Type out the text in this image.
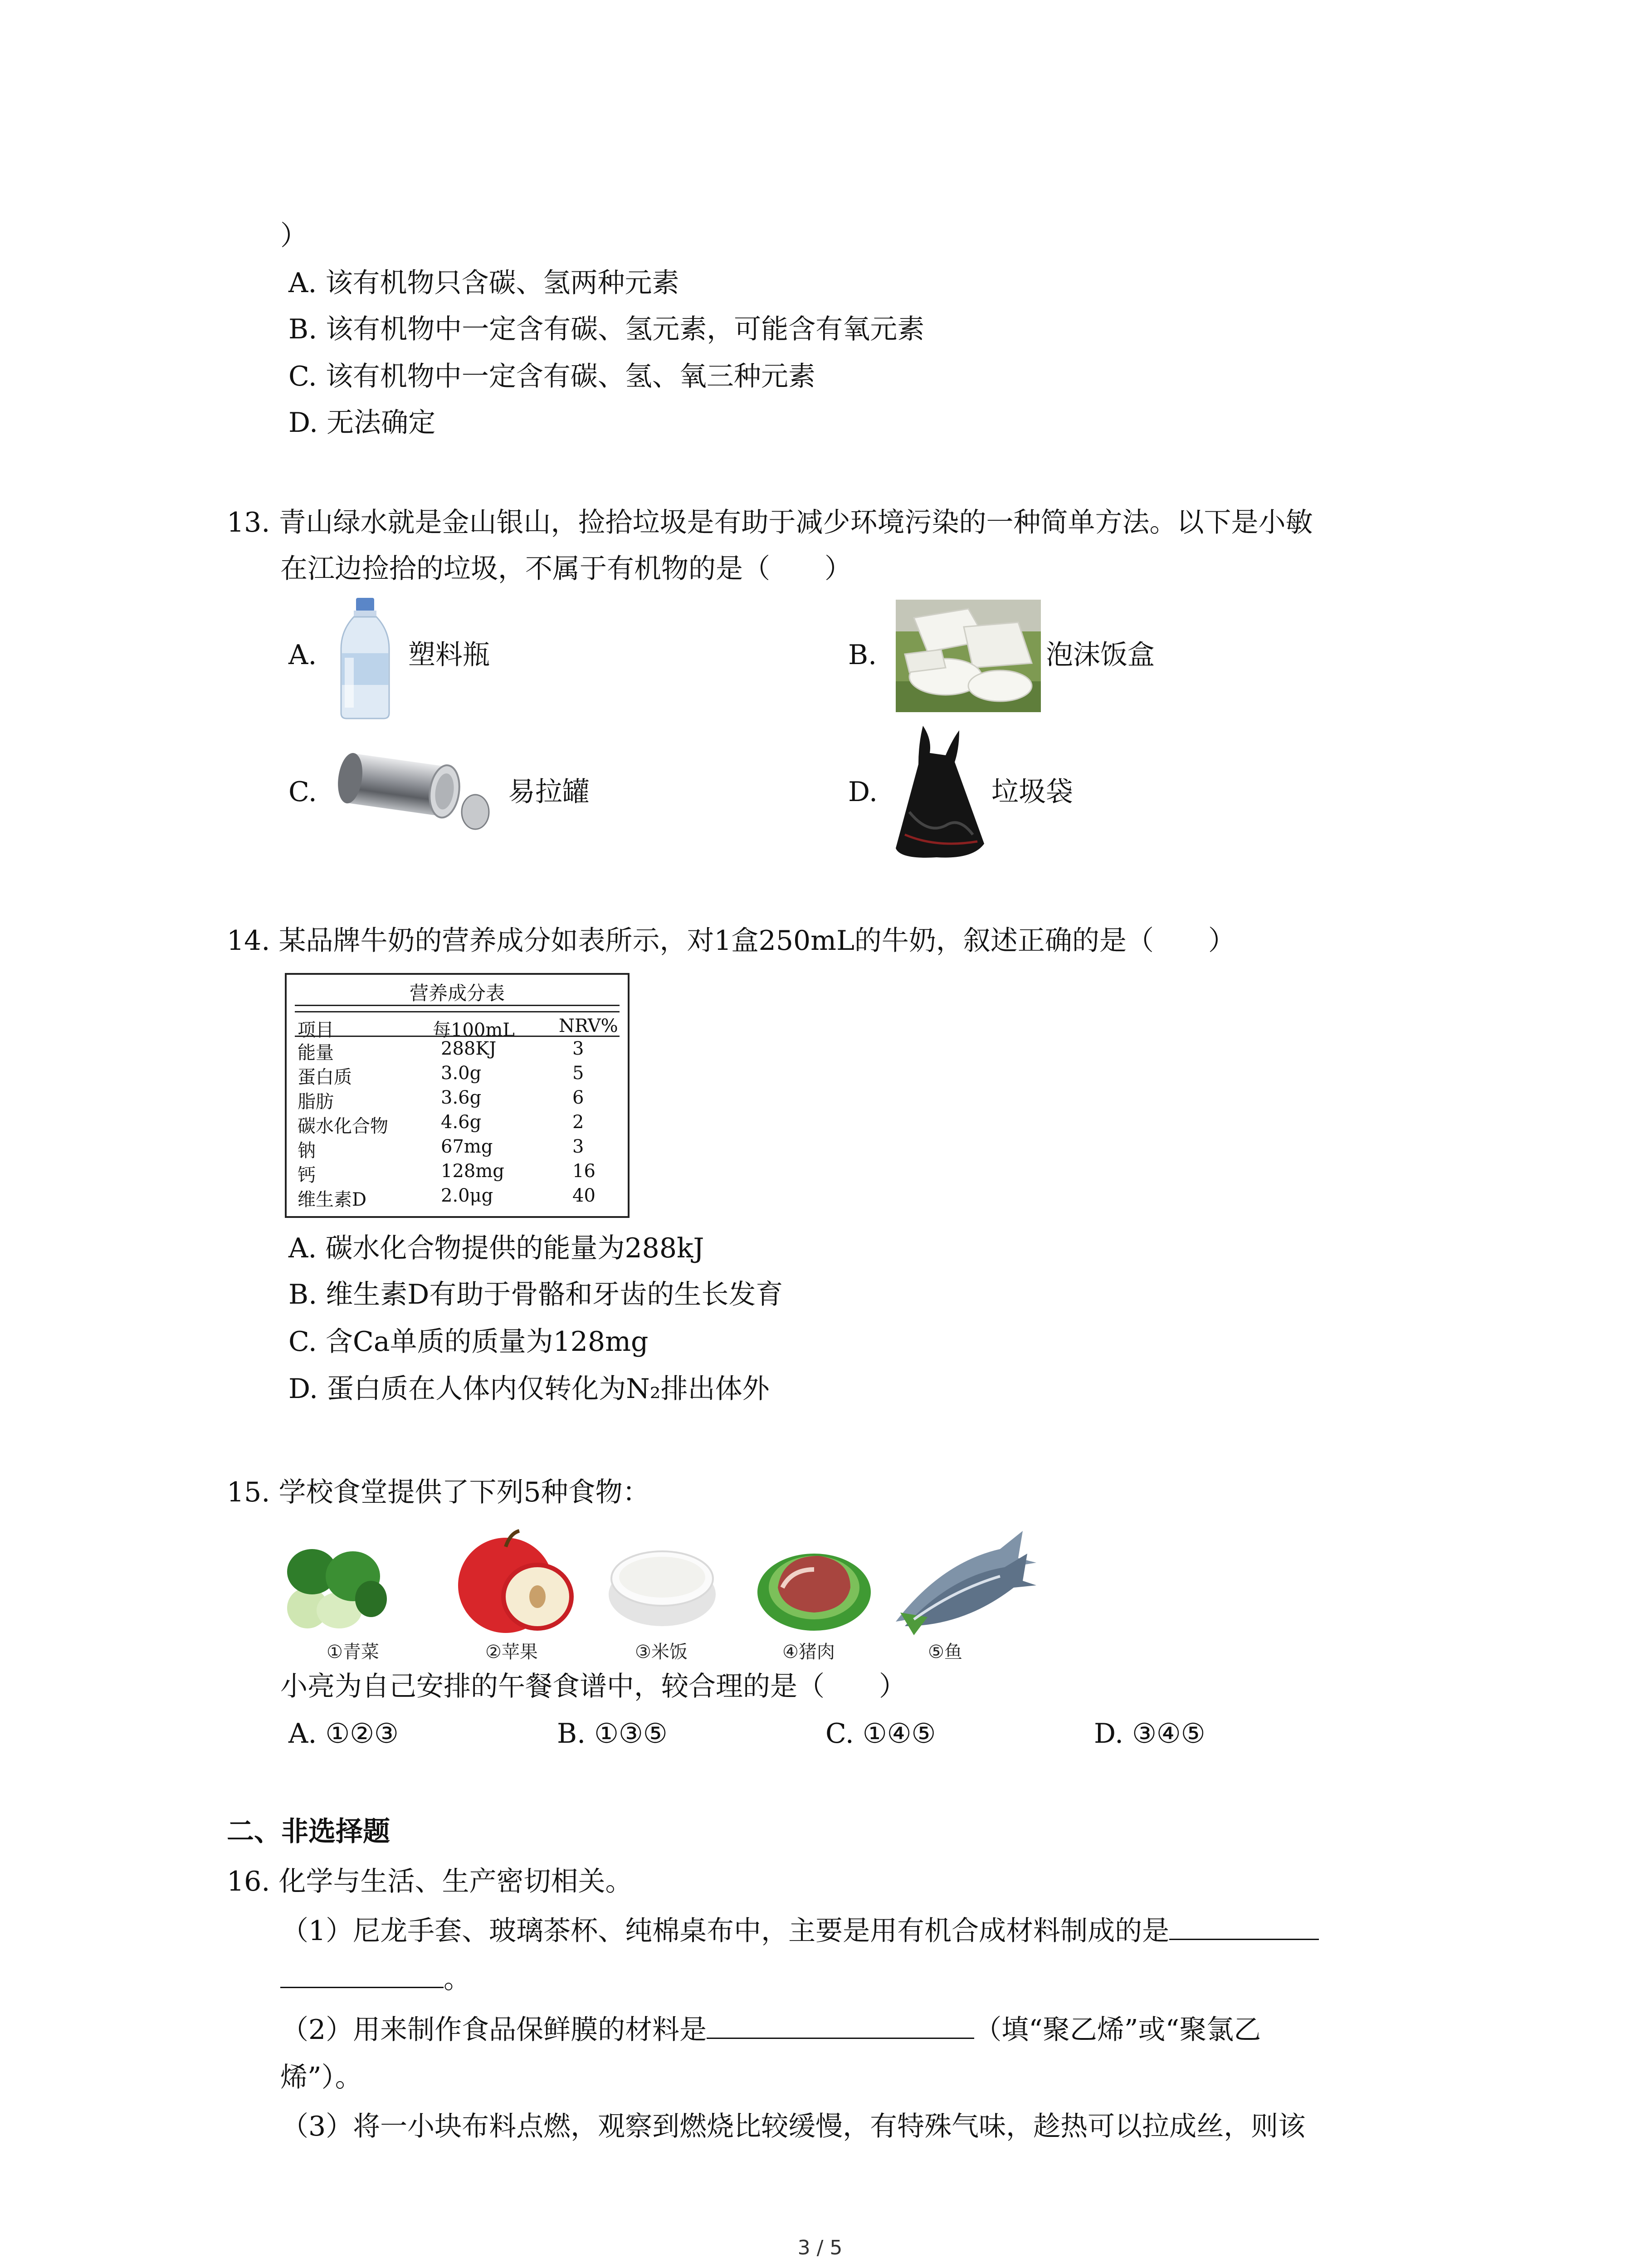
）
A. 该有机物只含碳、氢两种元素
B. 该有机物中一定含有碳、氢元素，可能含有氧元素
C. 该有机物中一定含有碳、氢、氧三种元素
D. 无法确定
13. 青山绿水就是金山银山，捡拾垃圾是有助于减少环境污染的一种简单方法。以下是小敏
在江边捡拾的垃圾，不属于有机物的是（　　）
A.	塑料瓶	B.	泡沫饭盒
C.	易拉罐	D.	垃圾袋
14. 某品牌牛奶的营养成分如表所示，对1盒250mL的牛奶，叙述正确的是（　　）
营养成分表
项目	每100mL NRV%
能量	288KJ	3
蛋白质	3.0g	5
脂肪	3.6g	6
碳水化合物	4.6g	2
钠	67mg	3
钙	128mg	16
维生素D	2.0μg	40
A. 碳水化合物提供的能量为288kJ
B. 维生素D有助于骨骼和牙齿的生长发育
C. 含Ca单质的质量为128mg
D. 蛋白质在人体内仅转化为N₂排出体外
15. 学校食堂提供了下列5种食物：
①青菜	②苹果	③米饭	④猪肉	⑤鱼
小亮为自己安排的午餐食谱中，较合理的是（　　）
A. ①②③	B. ①③⑤	C. ①④⑤	D. ③④⑤
二、非选择题
16. 化学与生活、生产密切相关。
（1）尼龙手套、玻璃茶杯、纯棉桌布中，主要是用有机合成材料制成的是
。
（2）用来制作食品保鲜膜的材料是	（填“聚乙烯”或“聚氯乙
烯”）。
（3）将一小块布料点燃，观察到燃烧比较缓慢，有特殊气味，趁热可以拉成丝，则该
3 / 5
